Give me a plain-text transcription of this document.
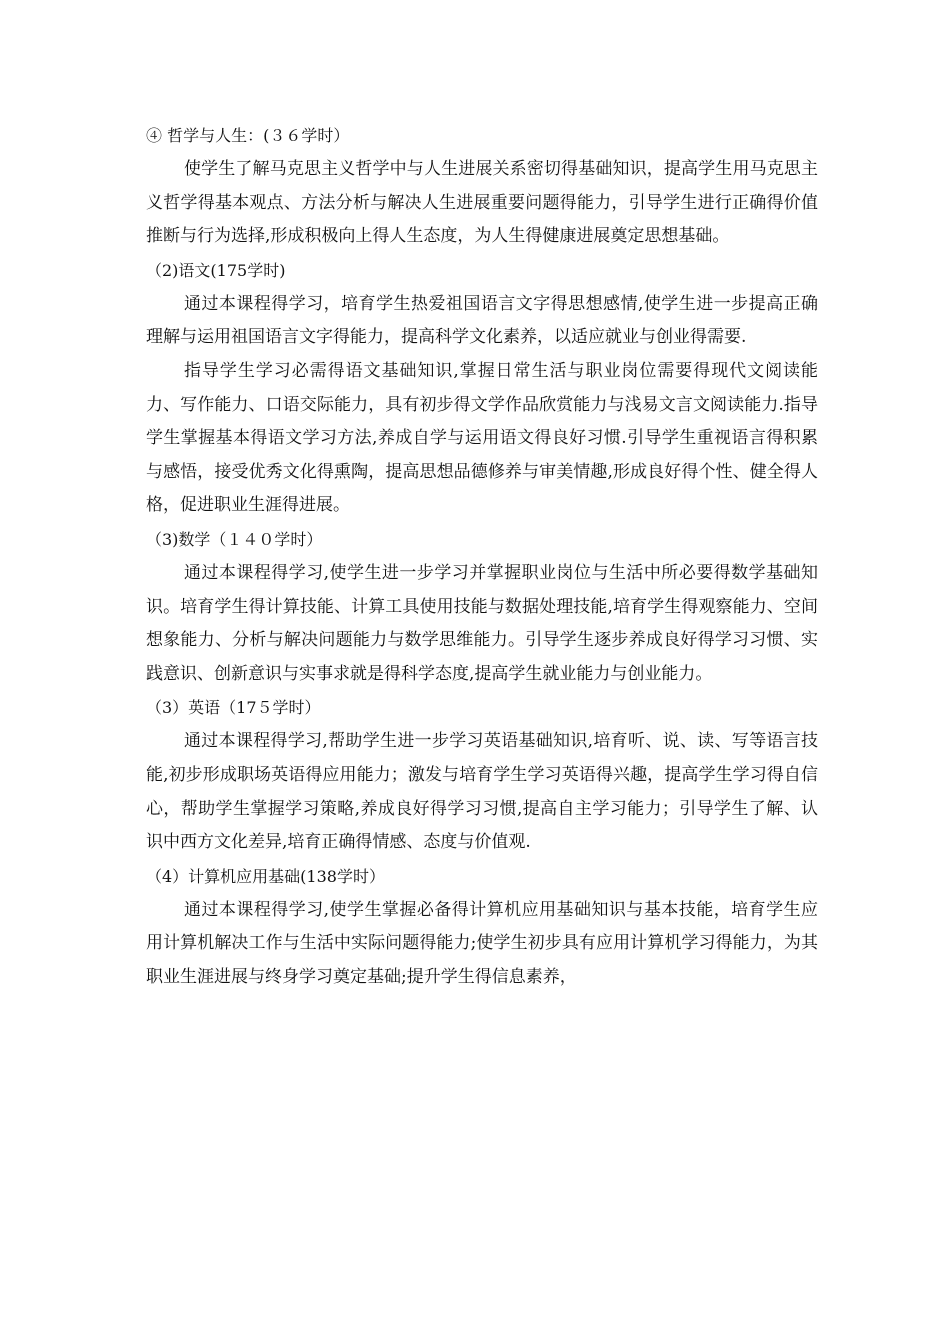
④ 哲学与人生：(３６学时）

使学生了解马克思主义哲学中与人生进展关系密切得基础知识，提高学生用马克思主义哲学得基本观点、方法分析与解决人生进展重要问题得能力，引导学生进行正确得价值推断与行为选择,形成积极向上得人生态度，为人生得健康进展奠定思想基础。

（2)语文(175学时)

通过本课程得学习，培育学生热爱祖国语言文字得思想感情,使学生进一步提高正确理解与运用祖国语言文字得能力，提高科学文化素养，以适应就业与创业得需要.

指导学生学习必需得语文基础知识,掌握日常生活与职业岗位需要得现代文阅读能力、写作能力、口语交际能力，具有初步得文学作品欣赏能力与浅易文言文阅读能力.指导学生掌握基本得语文学习方法,养成自学与运用语文得良好习惯.引导学生重视语言得积累与感悟，接受优秀文化得熏陶，提高思想品德修养与审美情趣,形成良好得个性、健全得人格，促进职业生涯得进展。

（3)数学（１４０学时）

通过本课程得学习,使学生进一步学习并掌握职业岗位与生活中所必要得数学基础知识。培育学生得计算技能、计算工具使用技能与数据处理技能,培育学生得观察能力、空间想象能力、分析与解决问题能力与数学思维能力。引导学生逐步养成良好得学习习惯、实践意识、创新意识与实事求就是得科学态度,提高学生就业能力与创业能力。

（3）英语（17５学时）

通过本课程得学习,帮助学生进一步学习英语基础知识,培育听、说、读、写等语言技能,初步形成职场英语得应用能力；激发与培育学生学习英语得兴趣，提高学生学习得自信心，帮助学生掌握学习策略,养成良好得学习习惯,提高自主学习能力；引导学生了解、认识中西方文化差异,培育正确得情感、态度与价值观.

（4）计算机应用基础(138学时）

通过本课程得学习,使学生掌握必备得计算机应用基础知识与基本技能，培育学生应用计算机解决工作与生活中实际问题得能力;使学生初步具有应用计算机学习得能力，为其职业生涯进展与终身学习奠定基础;提升学生得信息素养，
